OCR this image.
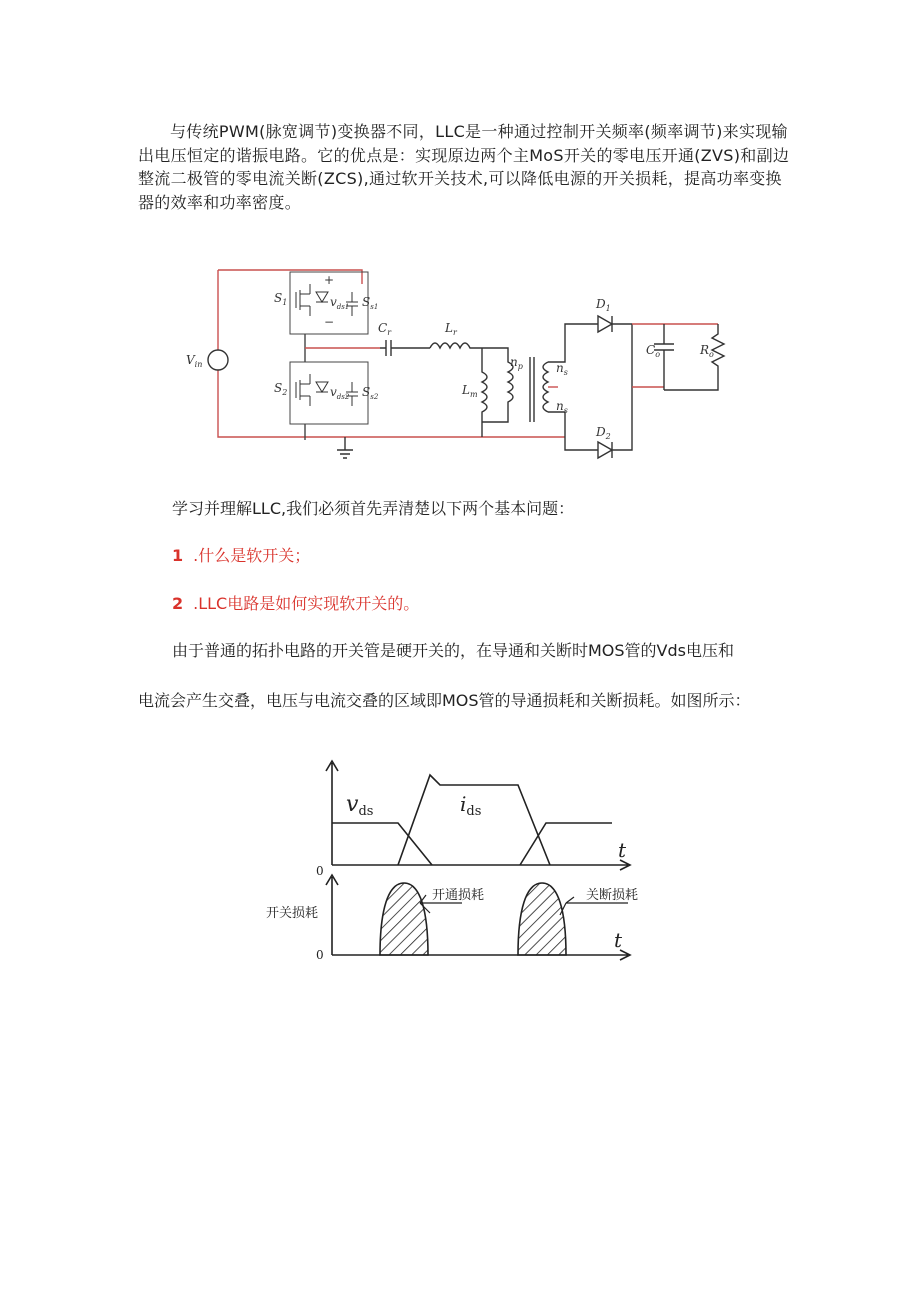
与传统PWM(脉宽调节)变换器不同，LLC是一种通过控制开关频率(频率调节)来实现输出电压恒定的谐振电路。它的优点是：实现原边两个主MoS开关的零电压开通(ZVS)和副边整流二极管的零电流关断(ZCS),通过软开关技术,可以降低电源的开关损耗，提高功率变换器的效率和功率密度。
$V_{in}$
$S_1$
$S_2$
$v_{ds1}$
$v_{ds2}$
$S_{s1}$
$S_{s2}$
$C_r$	$L_r$
$L_m$
$n_p$	$n_s$
$n_s$
$D_1$
$D_2$
$C_o$	$R_o$
+
−
学习并理解LLC,我们必须首先弄清楚以下两个基本问题：
1 .什么是软开关；
2 .LLC电路是如何实现软开关的。
由于普通的拓扑电路的开关管是硬开关的，在导通和关断时MOS管的Vds电压和
电流会产生交叠，电压与电流交叠的区域即MOS管的导通损耗和关断损耗。如图所示：
vds	$i_{ds}$
t
t
0
0
开关损耗
开通损耗	关断损耗
